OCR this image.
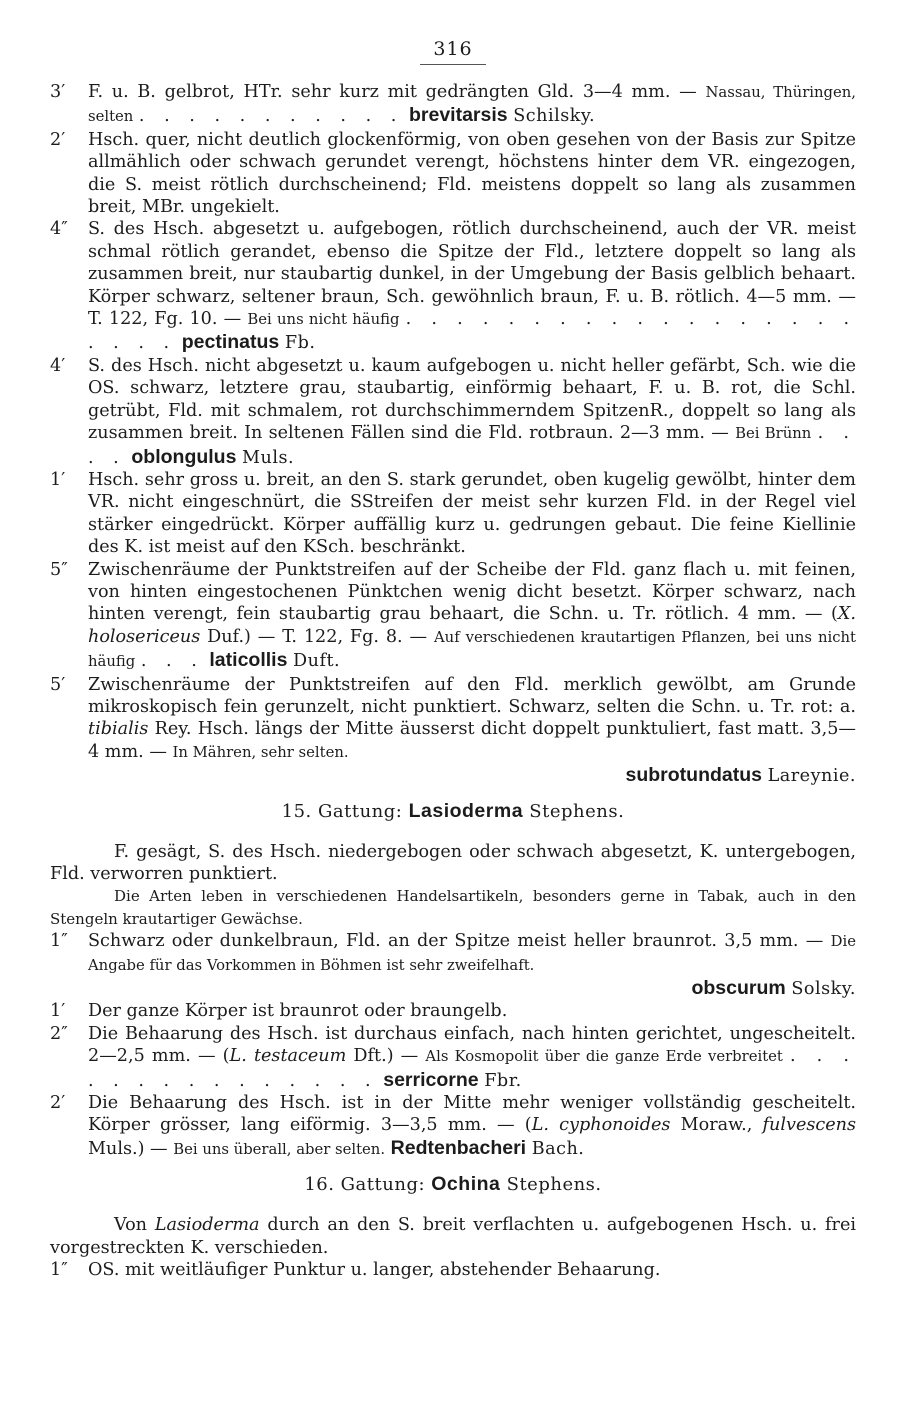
316

3′	F. u. B. gelbrot, HTr. sehr kurz mit gedrängten Gld. 3—4 mm. — Nassau, Thüringen, selten . . . . . . . . . . . brevitarsis Schilsky.

2′	Hsch. quer, nicht deutlich glockenförmig, von oben gesehen von der Basis zur Spitze allmählich oder schwach gerundet verengt, höchstens hinter dem VR. eingezogen, die S. meist rötlich durchscheinend; Fld. meistens doppelt so lang als zusammen breit, MBr. ungekielt.

4″	S. des Hsch. abgesetzt u. aufgebogen, rötlich durchscheinend, auch der VR. meist schmal rötlich gerandet, ebenso die Spitze der Fld., letztere doppelt so lang als zusammen breit, nur staubartig dunkel, in der Umgebung der Basis gelblich behaart. Körper schwarz, seltener braun, Sch. gewöhnlich braun, F. u. B. rötlich. 4—5 mm. — T. 122, Fg. 10. — Bei uns nicht häufig . . . . . . . . . . . . . . . . . . . . . . pectinatus Fb.

4′	S. des Hsch. nicht abgesetzt u. kaum aufgebogen u. nicht heller gefärbt, Sch. wie die OS. schwarz, letztere grau, staubartig, einförmig behaart, F. u. B. rot, die Schl. getrübt, Fld. mit schmalem, rot durchschimmerndem SpitzenR., doppelt so lang als zusammen breit. In seltenen Fällen sind die Fld. rotbraun. 2—3 mm. — Bei Brünn . . . . oblongulus Muls.

1′	Hsch. sehr gross u. breit, an den S. stark gerundet, oben kugelig gewölbt, hinter dem VR. nicht eingeschnürt, die SStreifen der meist sehr kurzen Fld. in der Regel viel stärker eingedrückt. Körper auffällig kurz u. gedrungen gebaut. Die feine Kiellinie des K. ist meist auf den KSch. beschränkt.

5″	Zwischenräume der Punktstreifen auf der Scheibe der Fld. ganz flach u. mit feinen, von hinten eingestochenen Pünktchen wenig dicht besetzt. Körper schwarz, nach hinten verengt, fein staubartig grau behaart, die Schn. u. Tr. rötlich. 4 mm. — (X. holosericeus Duf.) — T. 122, Fg. 8. — Auf verschiedenen krautartigen Pflanzen, bei uns nicht häufig . . . laticollis Duft.

5′	Zwischenräume der Punktstreifen auf den Fld. merklich gewölbt, am Grunde mikroskopisch fein gerunzelt, nicht punktiert. Schwarz, selten die Schn. u. Tr. rot: a. tibialis Rey. Hsch. längs der Mitte äusserst dicht doppelt punktuliert, fast matt. 3,5—4 mm. — In Mähren, sehr selten.

subrotundatus Lareynie.

15. Gattung: Lasioderma Stephens.

F. gesägt, S. des Hsch. niedergebogen oder schwach abgesetzt, K. untergebogen, Fld. verworren punktiert.

Die Arten leben in verschiedenen Handelsartikeln, besonders gerne in Tabak, auch in den Stengeln krautartiger Gewächse.

1″	Schwarz oder dunkelbraun, Fld. an der Spitze meist heller braunrot. 3,5 mm. — Die Angabe für das Vorkommen in Böhmen ist sehr zweifelhaft.

obscurum Solsky.

1′	Der ganze Körper ist braunrot oder braungelb.

2″	Die Behaarung des Hsch. ist durchaus einfach, nach hinten gerichtet, ungescheitelt. 2—2,5 mm. — (L. testaceum Dft.) — Als Kosmopolit über die ganze Erde verbreitet . . . . . . . . . . . . . . . serricorne Fbr.

2′	Die Behaarung des Hsch. ist in der Mitte mehr weniger vollständig gescheitelt. Körper grösser, lang eiförmig. 3—3,5 mm. — (L. cyphonoides Moraw., fulvescens Muls.) — Bei uns überall, aber selten. Redtenbacheri Bach.

16. Gattung: Ochina Stephens.

Von Lasioderma durch an den S. breit verflachten u. aufgebogenen Hsch. u. frei vorgestreckten K. verschieden.

1″	OS. mit weitläufiger Punktur u. langer, abstehender Behaarung.
